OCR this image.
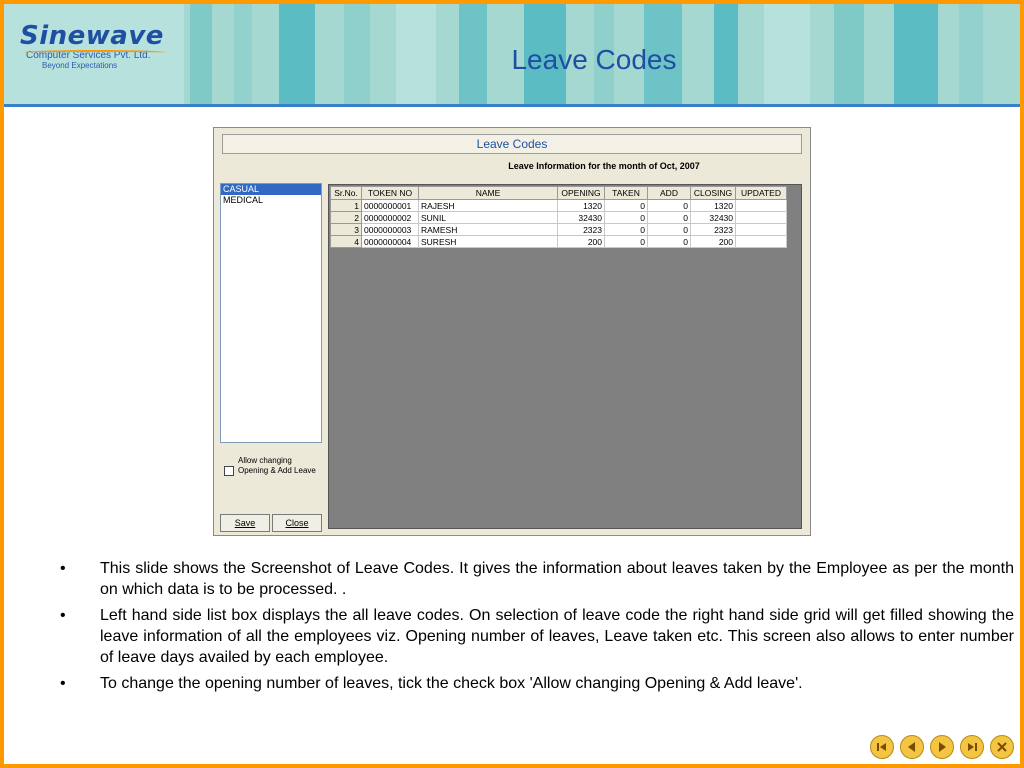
Sinewave
Computer Services Pvt. Ltd.
Beyond Expectations	Leave Codes
Leave Codes
Leave Information for the month of Oct, 2007
CASUAL
MEDICAL
Allow changing Opening & Add Leave
Save	Close
Sr.No.	TOKEN NO	NAME	OPENING	TAKEN	ADD	CLOSING	UPDATED
1	0000000001	RAJESH	1320	0	0	1320	
2	0000000002	SUNIL	32430	0	0	32430	
3	0000000003	RAMESH	2323	0	0	2323	
4	0000000004	SURESH	200	0	0	200	
• This slide shows the Screenshot of Leave Codes. It gives the information about leaves taken by the Employee as per the month on which data is to be processed. .
• Left hand side list box displays the all leave codes. On selection of leave code the right hand side grid will get filled showing the leave information of all the employees viz. Opening number of leaves, Leave taken etc. This screen also allows to enter number of leave days availed by each employee.
• To change the opening number of leaves, tick the check box 'Allow changing Opening & Add leave'.
